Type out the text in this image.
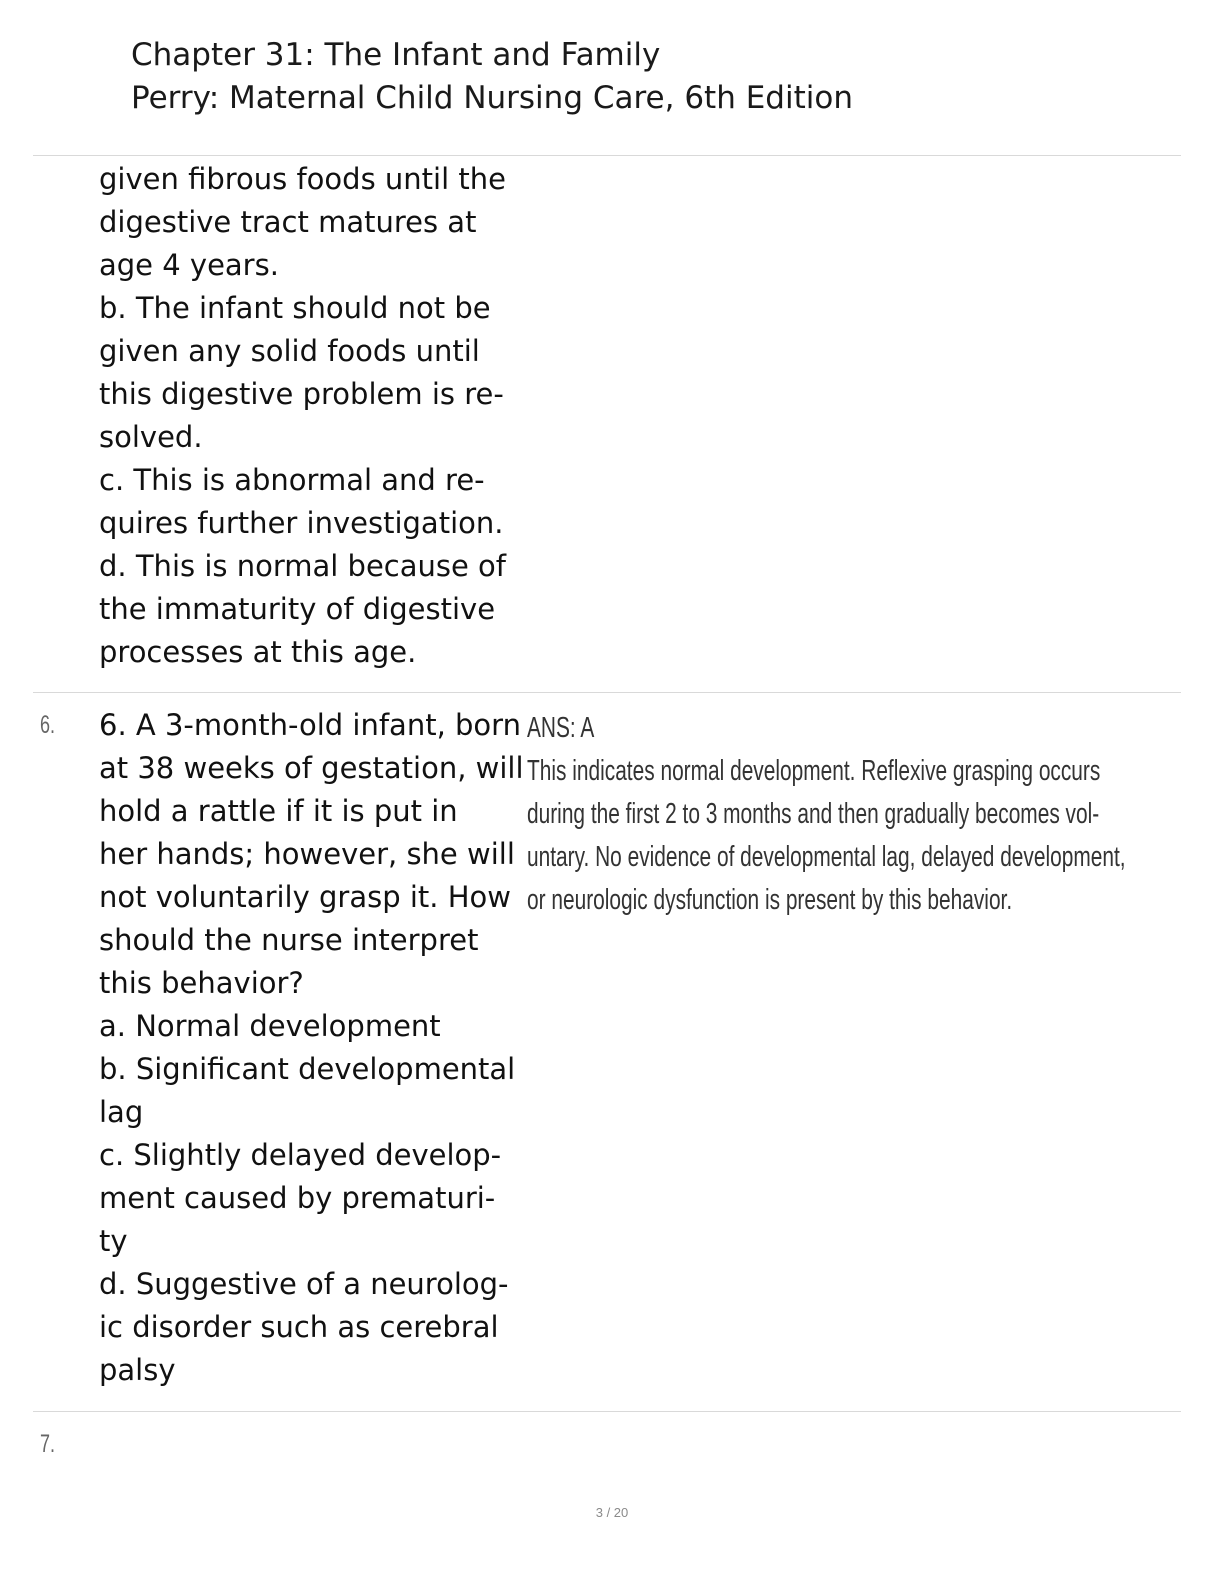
Chapter 31: The Infant and Family
Perry: Maternal Child Nursing Care, 6th Edition
given fibrous foods until the
digestive tract matures at
age 4 years.
b. The infant should not be
given any solid foods until
this digestive problem is re-
solved.
c. This is abnormal and re-
quires further investigation.
d. This is normal because of
the immaturity of digestive
processes at this age.
6. 6. A 3-month-old infant, born
at 38 weeks of gestation, will
hold a rattle if it is put in
her hands; however, she will
not voluntarily grasp it. How
should the nurse interpret
this behavior?
a. Normal development
b. Significant developmental
lag
c. Slightly delayed develop-
ment caused by prematuri-
ty
d. Suggestive of a neurolog-
ic disorder such as cerebral
palsy
ANS: A
This indicates normal development. Reflexive grasping occurs
during the first 2 to 3 months and then gradually becomes vol-
untary. No evidence of developmental lag, delayed development,
or neurologic dysfunction is present by this behavior.
7.
3 / 20
